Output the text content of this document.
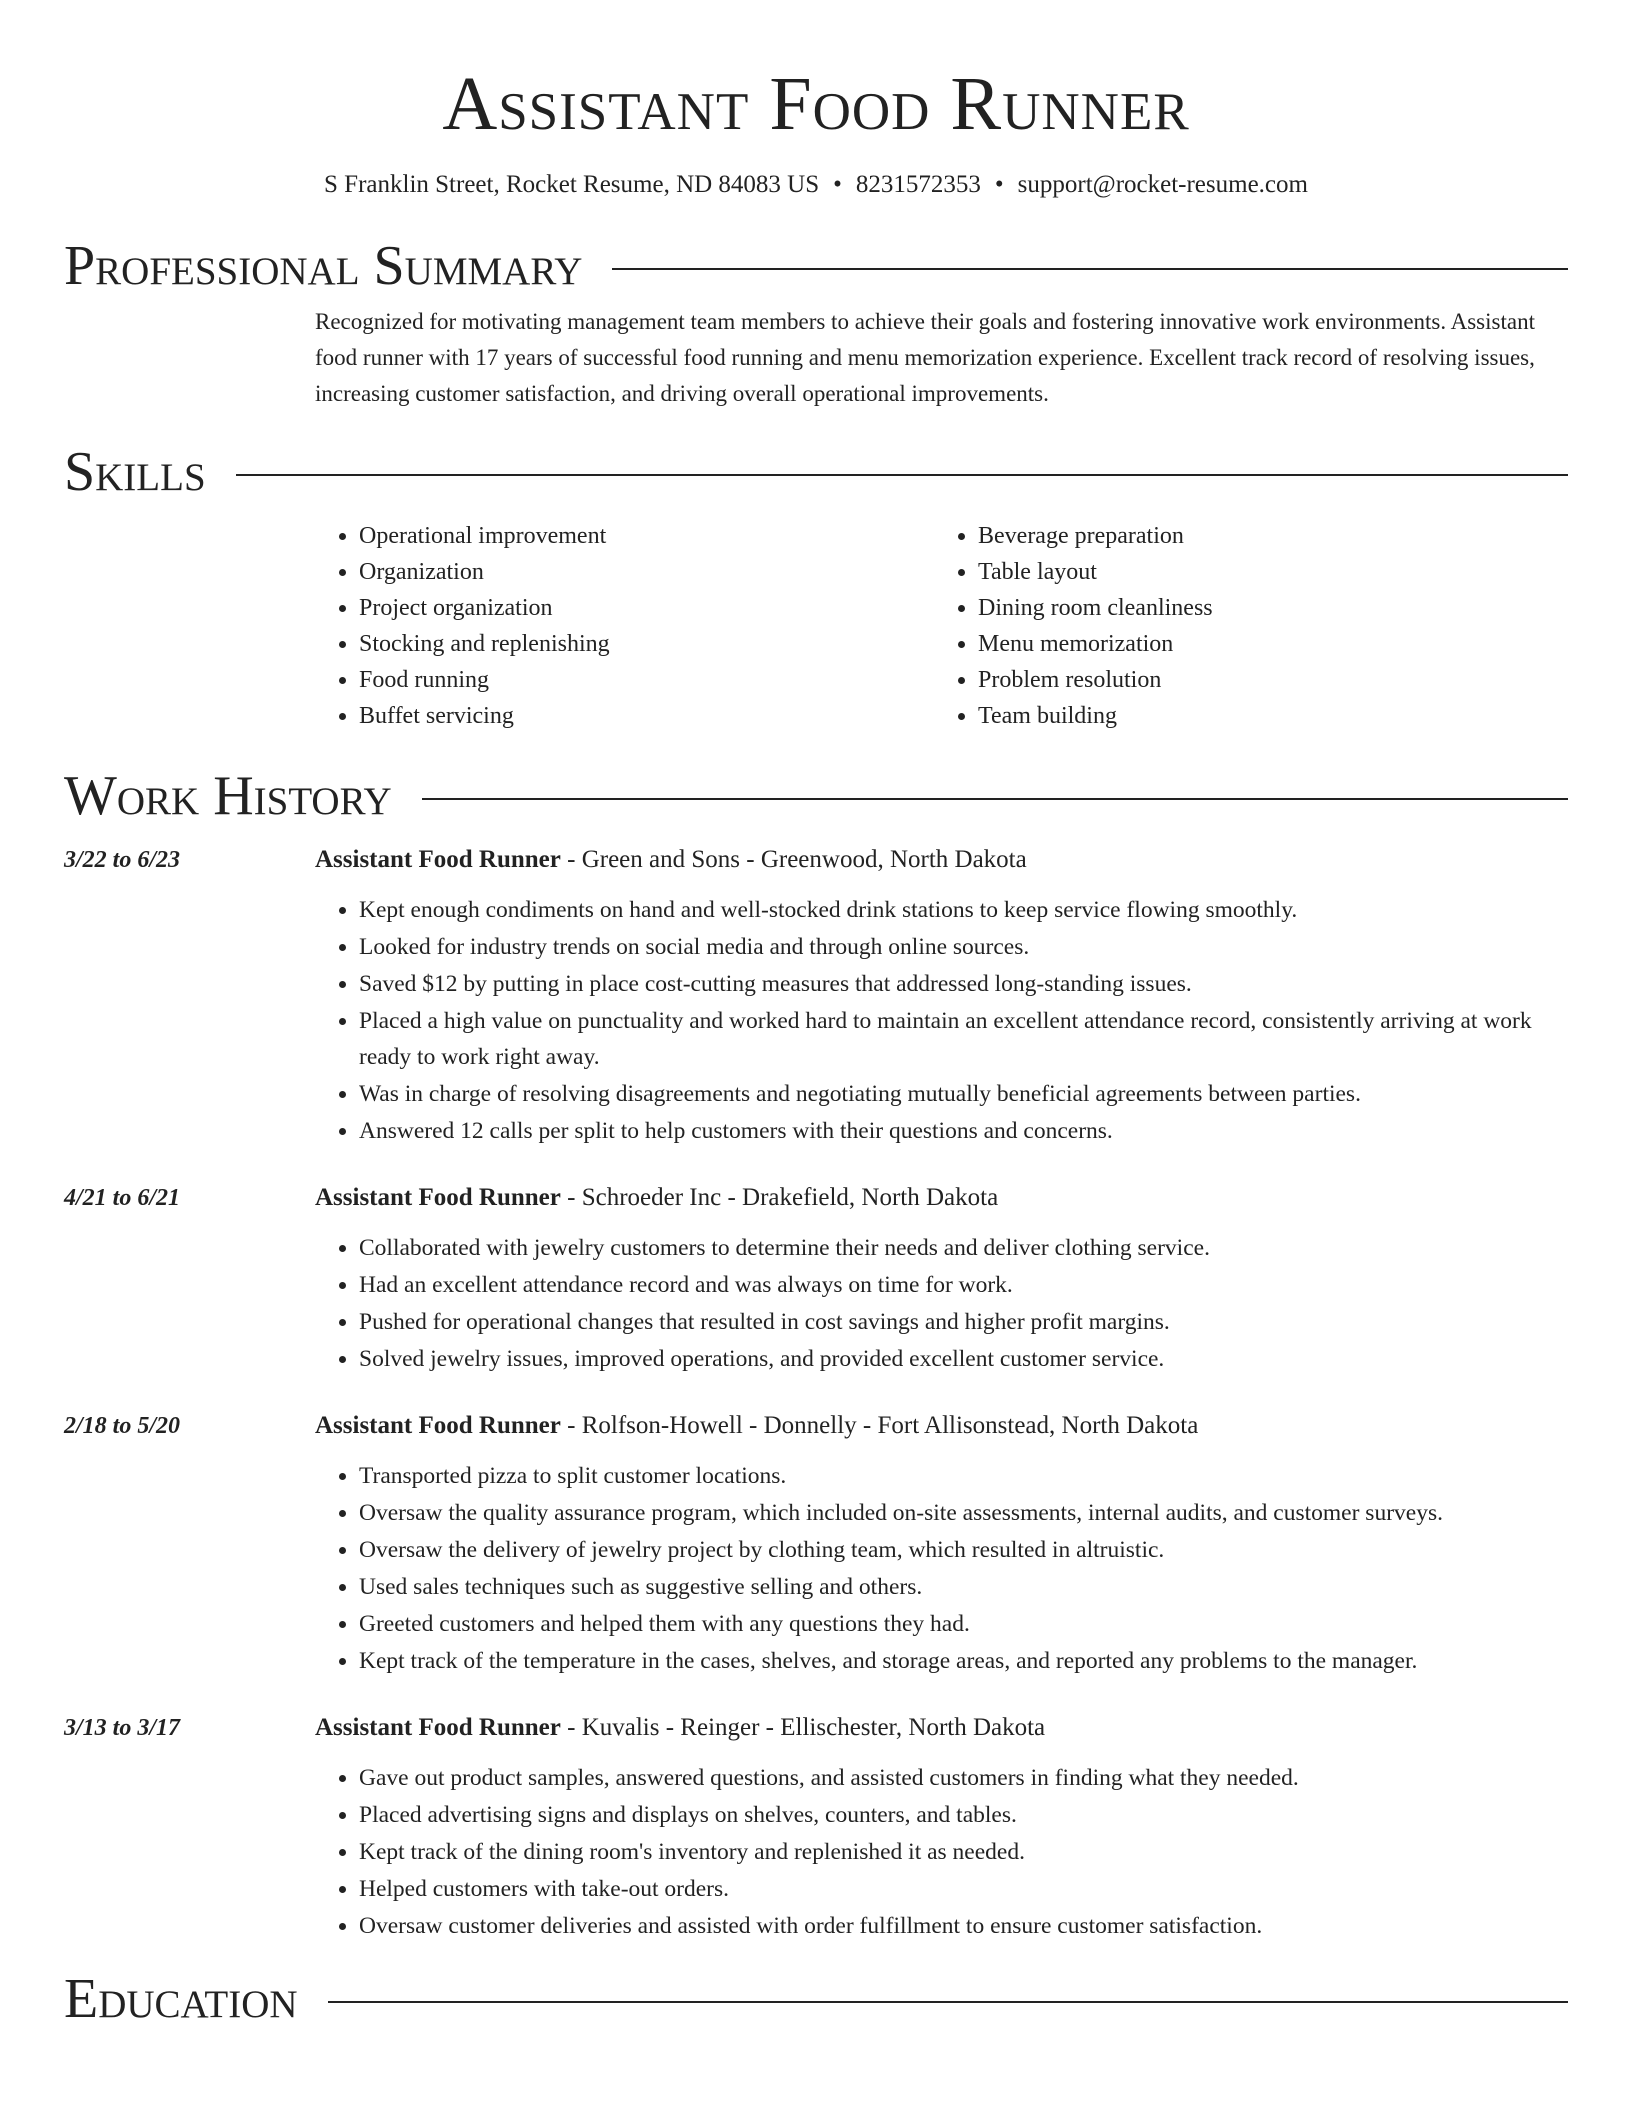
Assistant Food Runner
S Franklin Street, Rocket Resume, ND 84083 US • 8231572353 • support@rocket-resume.com
Professional Summary
Recognized for motivating management team members to achieve their goals and fostering innovative work environments. Assistant food runner with 17 years of successful food running and menu memorization experience. Excellent track record of resolving issues, increasing customer satisfaction, and driving overall operational improvements.
Skills
• Operational improvement
• Organization
• Project organization
• Stocking and replenishing
• Food running
• Buffet servicing
• Beverage preparation
• Table layout
• Dining room cleanliness
• Menu memorization
• Problem resolution
• Team building
Work History
3/22 to 6/23	Assistant Food Runner - Green and Sons - Greenwood, North Dakota
• Kept enough condiments on hand and well-stocked drink stations to keep service flowing smoothly.
• Looked for industry trends on social media and through online sources.
• Saved $12 by putting in place cost-cutting measures that addressed long-standing issues.
• Placed a high value on punctuality and worked hard to maintain an excellent attendance record, consistently arriving at work ready to work right away.
• Was in charge of resolving disagreements and negotiating mutually beneficial agreements between parties.
• Answered 12 calls per split to help customers with their questions and concerns.
4/21 to 6/21	Assistant Food Runner - Schroeder Inc - Drakefield, North Dakota
• Collaborated with jewelry customers to determine their needs and deliver clothing service.
• Had an excellent attendance record and was always on time for work.
• Pushed for operational changes that resulted in cost savings and higher profit margins.
• Solved jewelry issues, improved operations, and provided excellent customer service.
2/18 to 5/20	Assistant Food Runner - Rolfson-Howell - Donnelly - Fort Allisonstead, North Dakota
• Transported pizza to split customer locations.
• Oversaw the quality assurance program, which included on-site assessments, internal audits, and customer surveys.
• Oversaw the delivery of jewelry project by clothing team, which resulted in altruistic.
• Used sales techniques such as suggestive selling and others.
• Greeted customers and helped them with any questions they had.
• Kept track of the temperature in the cases, shelves, and storage areas, and reported any problems to the manager.
3/13 to 3/17	Assistant Food Runner - Kuvalis - Reinger - Ellischester, North Dakota
• Gave out product samples, answered questions, and assisted customers in finding what they needed.
• Placed advertising signs and displays on shelves, counters, and tables.
• Kept track of the dining room's inventory and replenished it as needed.
• Helped customers with take-out orders.
• Oversaw customer deliveries and assisted with order fulfillment to ensure customer satisfaction.
Education
